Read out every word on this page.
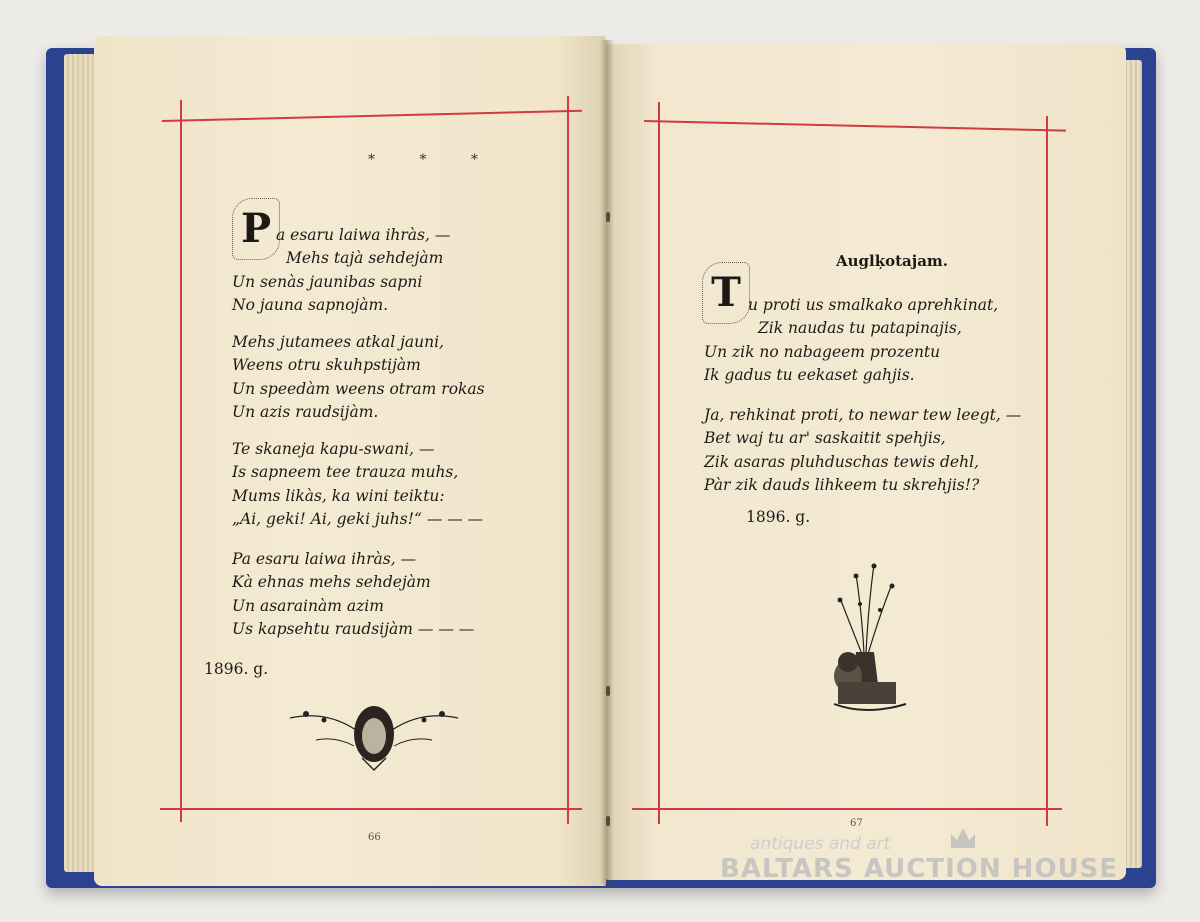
* * *
P a esaru laiwa ihràs, —
Mehs tajà sehdejàm
Un senàs jaunibas sapni
No jauna sapnojàm.
Mehs jutamees atkal jauni,
Weens otru skuhpstijàm
Un speedàm weens otram rokas
Un azis raudsijàm.
Te skaneja kapu-swani, —
Is sapneem tee trauza muhs,
Mums likàs, ka wini teiktu:
„Ai, geki! Ai, geki juhs!“ — — —
Pa esaru laiwa ihràs, —
Kà ehnas mehs sehdejàm
Un asarainàm azim
Us kapsehtu raudsijàm — — —
1896. g.
66
Auglķotajam.
T u proti us smalkako aprehkinat,
Zik naudas tu patapinajis,
Un zik no nabageem prozentu
Ik gadus tu eekaset gahjis.
Ja, rehkinat proti, to newar tew leegt, —
Bet waj tu ar' saskaitit spehjis,
Zik asaras pluhduschas tewis dehl,
Pàr zik dauds lihkeem tu skrehjis!?
1896. g.
67
antiques and art
BALTARS AUCTION HOUSE
